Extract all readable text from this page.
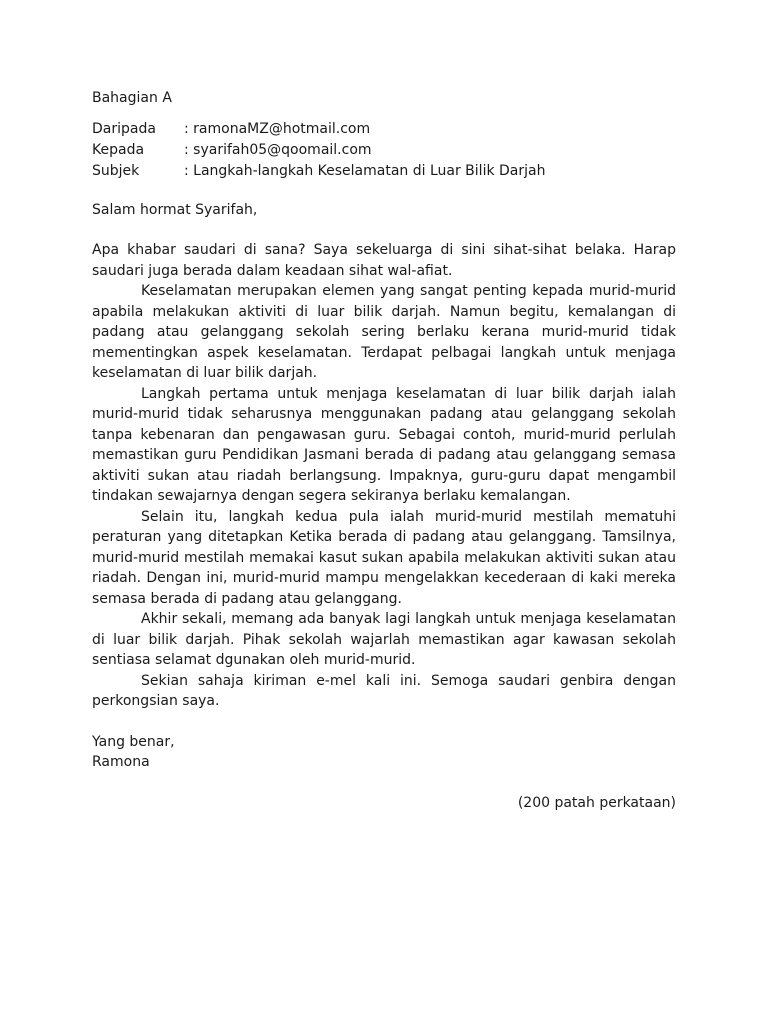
Bahagian A
Daripada	: ramonaMZ@hotmail.com
Kepada	: syarifah05@qoomail.com
Subjek	: Langkah-langkah Keselamatan di Luar Bilik Darjah
Salam hormat Syarifah,

Apa khabar saudari di sana? Saya sekeluarga di sini sihat-sihat belaka. Harap saudari juga berada dalam keadaan sihat wal-afiat.

Keselamatan merupakan elemen yang sangat penting kepada murid-murid apabila melakukan aktiviti di luar bilik darjah. Namun begitu, kemalangan di padang atau gelanggang sekolah sering berlaku kerana murid-murid tidak mementingkan aspek keselamatan. Terdapat pelbagai langkah untuk menjaga keselamatan di luar bilik darjah.

Langkah pertama untuk menjaga keselamatan di luar bilik darjah ialah murid-murid tidak seharusnya menggunakan padang atau gelanggang sekolah tanpa kebenaran dan pengawasan guru. Sebagai contoh, murid-murid perlulah memastikan guru Pendidikan Jasmani berada di padang atau gelanggang semasa aktiviti sukan atau riadah berlangsung. Impaknya, guru-guru dapat mengambil tindakan sewajarnya dengan segera sekiranya berlaku kemalangan.

Selain itu, langkah kedua pula ialah murid-murid mestilah mematuhi peraturan yang ditetapkan Ketika berada di padang atau gelanggang. Tamsilnya, murid-murid mestilah memakai kasut sukan apabila melakukan aktiviti sukan atau riadah. Dengan ini, murid-murid mampu mengelakkan kecederaan di kaki mereka semasa berada di padang atau gelanggang.

Akhir sekali, memang ada banyak lagi langkah untuk menjaga keselamatan di luar bilik darjah. Pihak sekolah wajarlah memastikan agar kawasan sekolah sentiasa selamat dgunakan oleh murid-murid.

Sekian sahaja kiriman e-mel kali ini. Semoga saudari genbira dengan perkongsian saya.

Yang benar,
Ramona
(200 patah perkataan)
